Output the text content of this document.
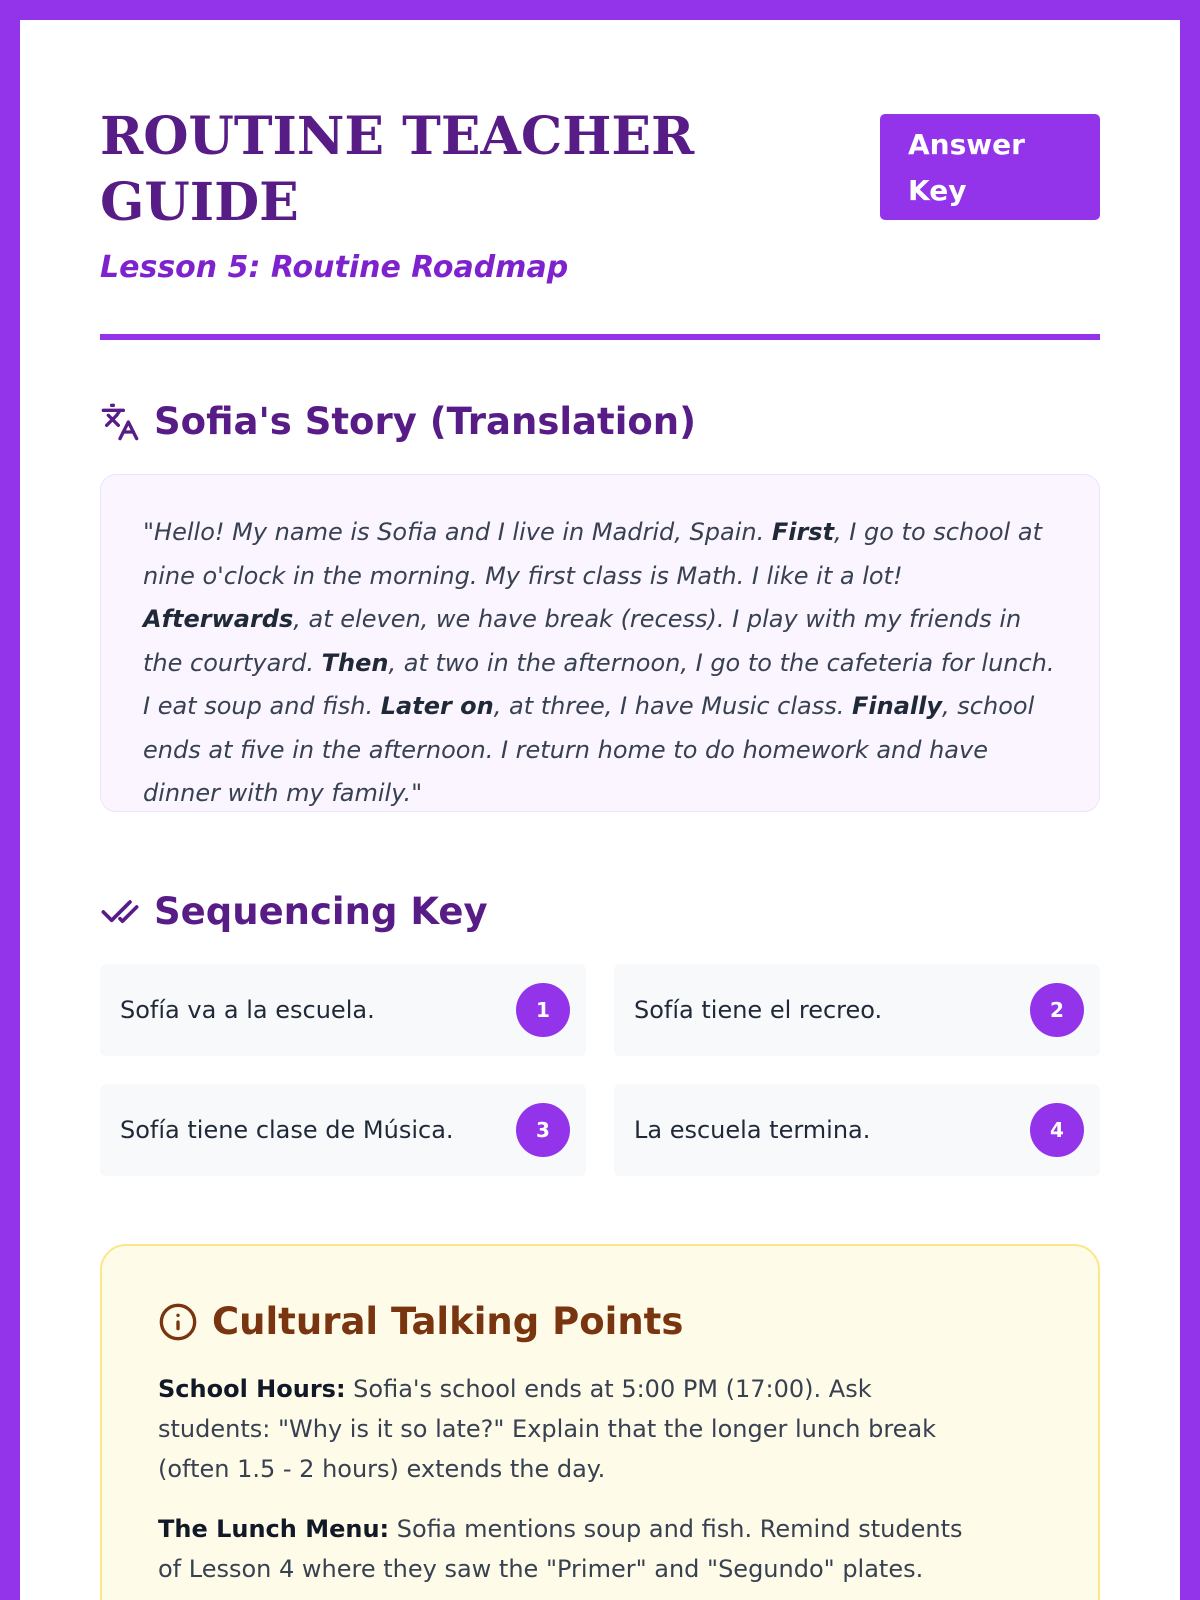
ROUTINE TEACHER GUIDE
Lesson 5: Routine Roadmap
Answer Key
Sofia's Story (Translation)

"Hello! My name is Sofia and I live in Madrid, Spain. First, I go to school at nine o'clock in the morning. My first class is Math. I like it a lot! Afterwards, at eleven, we have break (recess). I play with my friends in the courtyard. Then, at two in the afternoon, I go to the cafeteria for lunch. I eat soup and fish. Later on, at three, I have Music class. Finally, school ends at five in the afternoon. I return home to do homework and have dinner with my family."

Sequencing Key
Sofía va a la escuela.	1	Sofía tiene el recreo.	2
Sofía tiene clase de Música.	3	La escuela termina.	4
Cultural Talking Points

School Hours: Sofia's school ends at 5:00 PM (17:00). Ask students: "Why is it so late?" Explain that the longer lunch break (often 1.5 - 2 hours) extends the day.

The Lunch Menu: Sofia mentions soup and fish. Remind students of Lesson 4 where they saw the "Primer" and "Segundo" plates.
